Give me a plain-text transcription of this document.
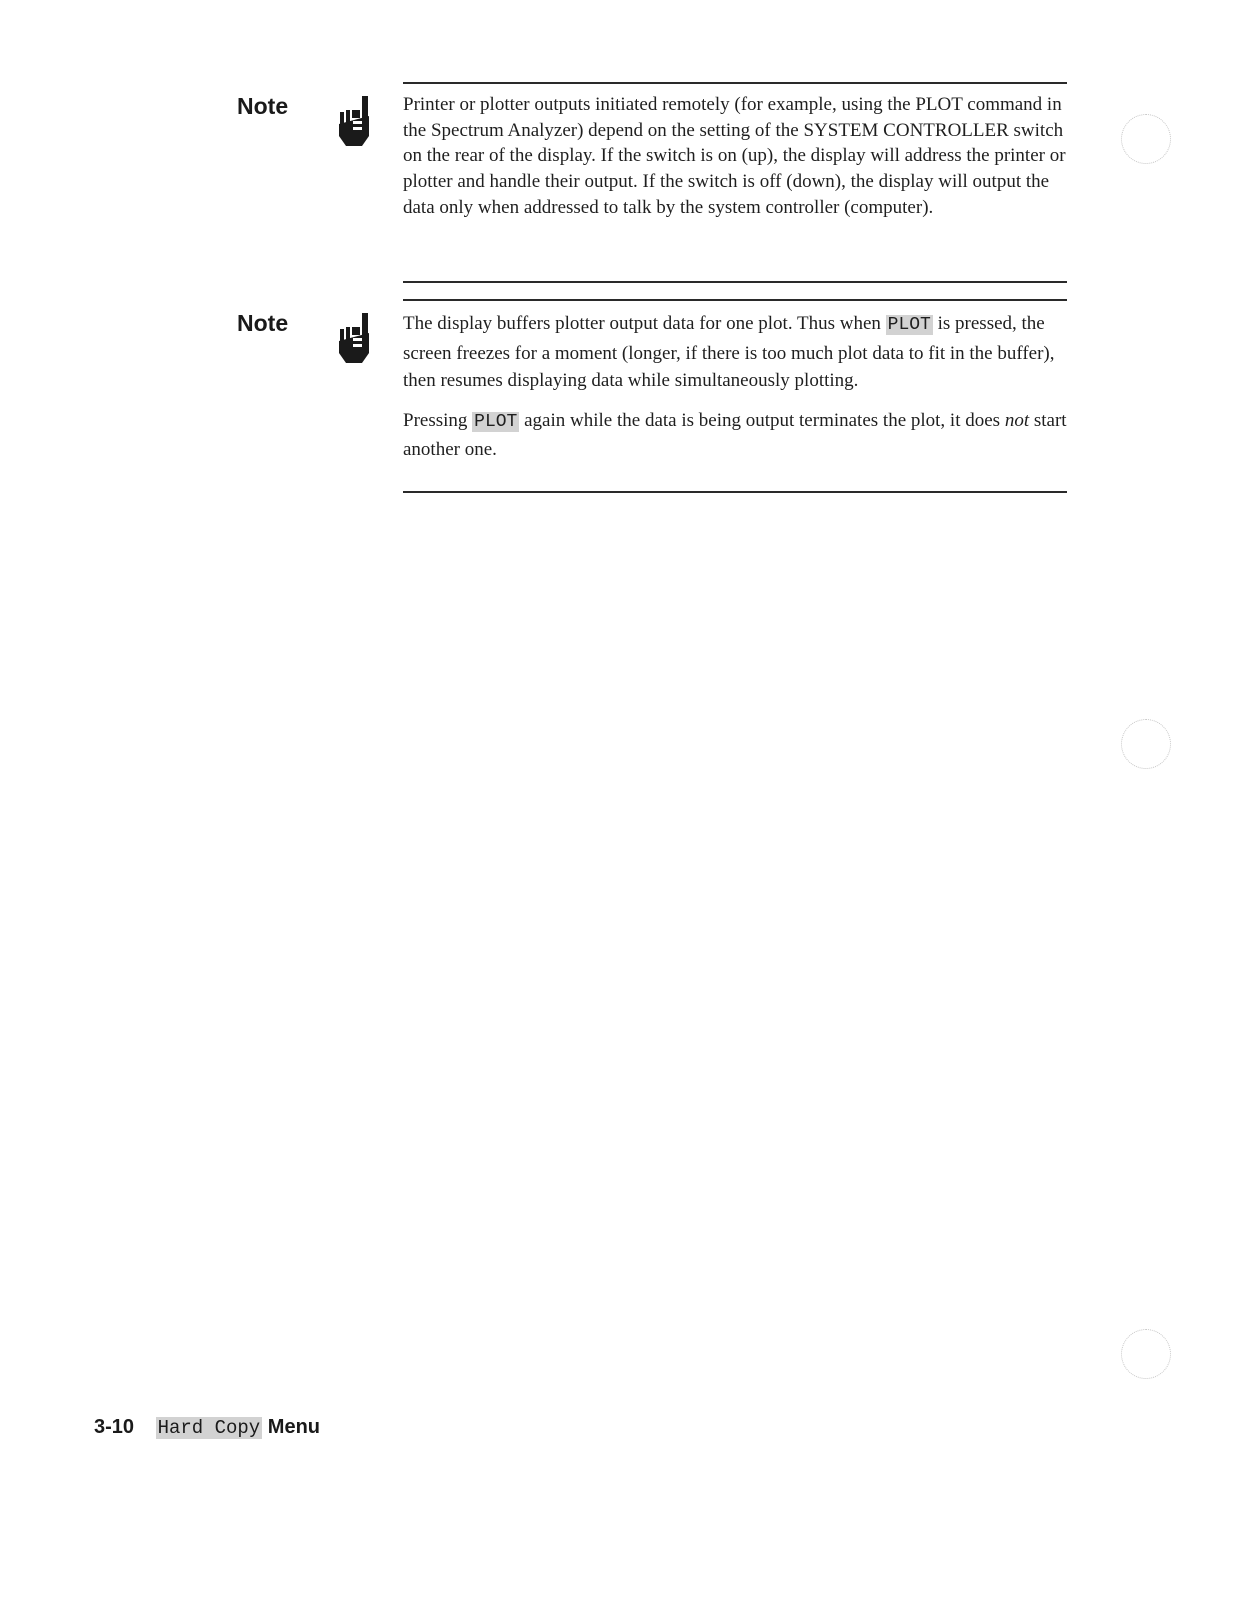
Note	Printer or plotter outputs initiated remotely (for example, using the PLOT command in the Spectrum Analyzer) depend on the setting of the SYSTEM CONTROLLER switch on the rear of the display. If the switch is on (up), the display will address the printer or plotter and handle their output. If the switch is off (down), the display will output the data only when addressed to talk by the system controller (computer).

Note	The display buffers plotter output data for one plot. Thus when PLOT is pressed, the screen freezes for a moment (longer, if there is too much plot data to fit in the buffer), then resumes displaying data while simultaneously plotting.

Pressing PLOT again while the data is being output terminates the plot, it does not start another one.

3-10 Hard Copy Menu
